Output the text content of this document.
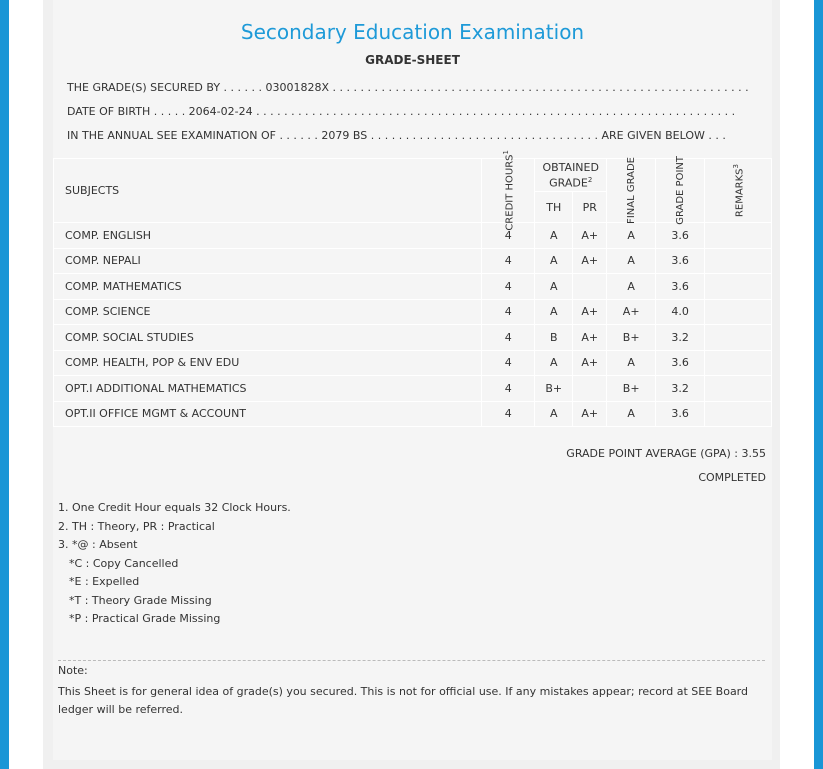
Secondary Education Examination
GRADE-SHEET
THE GRADE(S) SECURED BY . . . . . . 03001828X . . . . . . . . . . . . . . . . . . . . . . . . . . . . . . . . . . . . . . . . . . . . . . . . . . . . . . . . . . . .
DATE OF BIRTH . . . . . 2064-02-24 . . . . . . . . . . . . . . . . . . . . . . . . . . . . . . . . . . . . . . . . . . . . . . . . . . . . . . . . . . . . . . . . . . . . .
IN THE ANNUAL SEE EXAMINATION OF . . . . . . 2079 BS . . . . . . . . . . . . . . . . . . . . . . . . . . . . . . . . . ARE GIVEN BELOW . . .
SUBJECTS	CREDIT HOURS$^1$	OBTAINED GRADE$^2$		FINAL GRADE	GRADE POINT	REMARKS$^3$

		TH	PR			
COMP. ENGLISH	4	A	A+	A	3.6	
COMP. NEPALI	4	A	A+	A	3.6	
COMP. MATHEMATICS	4	A		A	3.6	
COMP. SCIENCE	4	A	A+	A+	4.0	
COMP. SOCIAL STUDIES	4	B	A+	B+	3.2	
COMP. HEALTH, POP & ENV EDU	4	A	A+	A	3.6	
OPT.I ADDITIONAL MATHEMATICS	4	B+		B+	3.2	
OPT.II OFFICE MGMT & ACCOUNT	4	A	A+	A	3.6	
GRADE POINT AVERAGE (GPA) : 3.55
COMPLETED
1. One Credit Hour equals 32 Clock Hours.
2. TH : Theory, PR : Practical
3. *@ : Absent
*C : Copy Cancelled
*E : Expelled
*T : Theory Grade Missing
*P : Practical Grade Missing
Note:
This Sheet is for general idea of grade(s) you secured. This is not for official use. If any mistakes appear; record at SEE Board ledger will be referred.
